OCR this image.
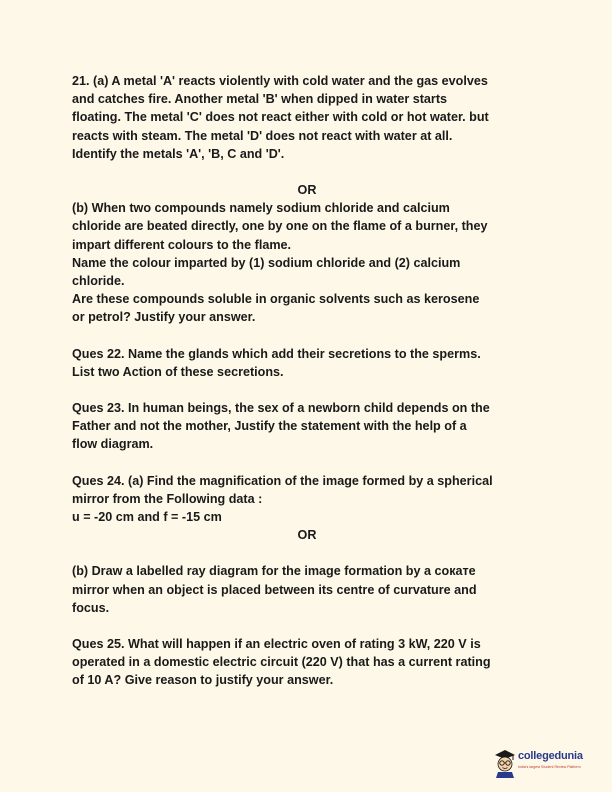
21. (a) A metal 'A' reacts violently with cold water and the gas evolves
and catches fire. Another metal 'B' when dipped in water starts
floating. The metal 'C' does not react either with cold or hot water. but
reacts with steam. The metal 'D' does not react with water at all.
Identify the metals 'A', 'B, C and 'D'.
OR
(b) When two compounds namely sodium chloride and calcium
chloride are beated directly, one by one on the flame of a burner, they
impart different colours to the flame.
Name the colour imparted by (1) sodium chloride and (2) calcium
chloride.
Are these compounds soluble in organic solvents such as kerosene
or petrol? Justify your answer.
Ques 22. Name the glands which add their secretions to the sperms.
List two Action of these secretions.
Ques 23. In human beings, the sex of a newborn child depends on the
Father and not the mother, Justify the statement with the help of a
flow diagram.
Ques 24. (a) Find the magnification of the image formed by a spherical
mirror from the Following data :
u = -20 cm and f = -15 cm
OR
(b) Draw a labelled ray diagram for the image formation by a сокате
mirror when an object is placed between its centre of curvature and
focus.
Ques 25. What will happen if an electric oven of rating 3 kW, 220 V is
operated in a domestic electric circuit (220 V) that has a current rating
of 10 A? Give reason to justify your answer.
collegedunia
India's largest Student Review Platform
